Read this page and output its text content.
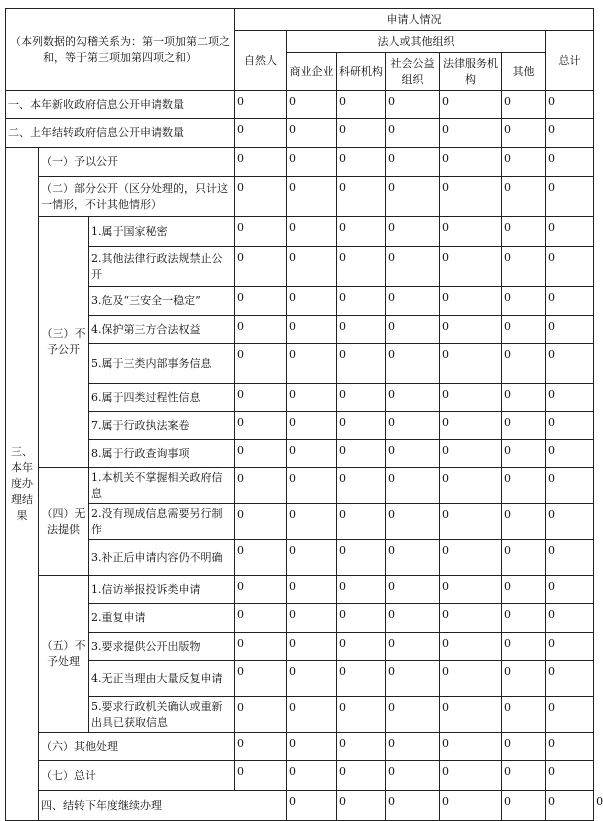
（本列数据的勾稽关系为：第一项加第二项之和，等于第三项加第四项之和）			申请人情况							
			自然人	法人或其他组织					总计	
				商业企业	科研机构	社会公益组织	法律服务机构	其他		
一、本年新收政府信息公开申请数量			0	0	0	0	0	0	0	
二、上年结转政府信息公开申请数量			0	0	0	0	0	0	0	
三、本年度办理结果	（一）予以公开		0	0	0	0	0	0	0	
	（二）部分公开（区分处理的，只计这一情形，不计其他情形）		0	0	0	0	0	0	0	
	（三）不予公开	1.属于国家秘密	0	0	0	0	0	0	0	
		2.其他法律行政法规禁止公开	0	0	0	0	0	0	0	
		3.危及“三安全一稳定”	0	0	0	0	0	0	0	
		4.保护第三方合法权益	0	0	0	0	0	0	0	
		5.属于三类内部事务信息	0	0	0	0	0	0	0	
		6.属于四类过程性信息	0	0	0	0	0	0	0	
		7.属于行政执法案卷	0	0	0	0	0	0	0	
		8.属于行政查询事项	0	0	0	0	0	0	0	
	（四）无法提供	1.本机关不掌握相关政府信息	0	0	0	0	0	0	0	
		2.没有现成信息需要另行制作	0	0	0	0	0	0	0	
		3.补正后申请内容仍不明确	0	0	0	0	0	0	0	
	（五）不予处理	1.信访举报投诉类申请	0	0	0	0	0	0	0	
		2.重复申请	0	0	0	0	0	0	0	
		3.要求提供公开出版物	0	0	0	0	0	0	0	
		4.无正当理由大量反复申请	0	0	0	0	0	0	0	
		5.要求行政机关确认或重新出具已获取信息	0	0	0	0	0	0	0	
	（六）其他处理		0	0	0	0	0	0	0	
	（七）总计		0	0	0	0	0	0	0	
	四、结转下年度继续办理			0	0	0	0	0	0	0
